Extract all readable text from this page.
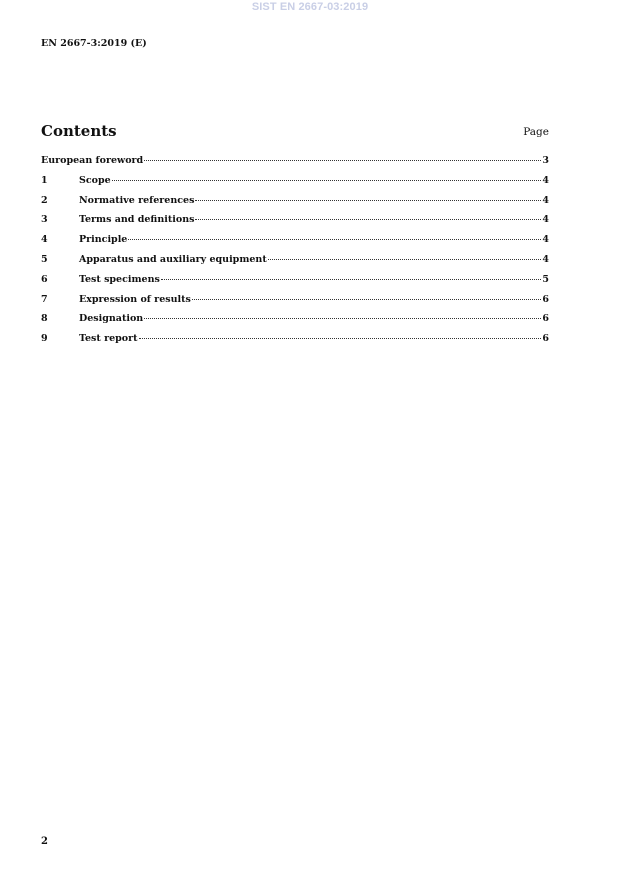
SIST EN 2667-03:2019
EN 2667-3:2019 (E)
Contents	Page
European foreword	3
1	Scope	4
2	Normative references	4
3	Terms and definitions	4
4	Principle	4
5	Apparatus and auxiliary equipment	4
6	Test specimens	5
7	Expression of results	6
8	Designation	6
9	Test report	6
2
